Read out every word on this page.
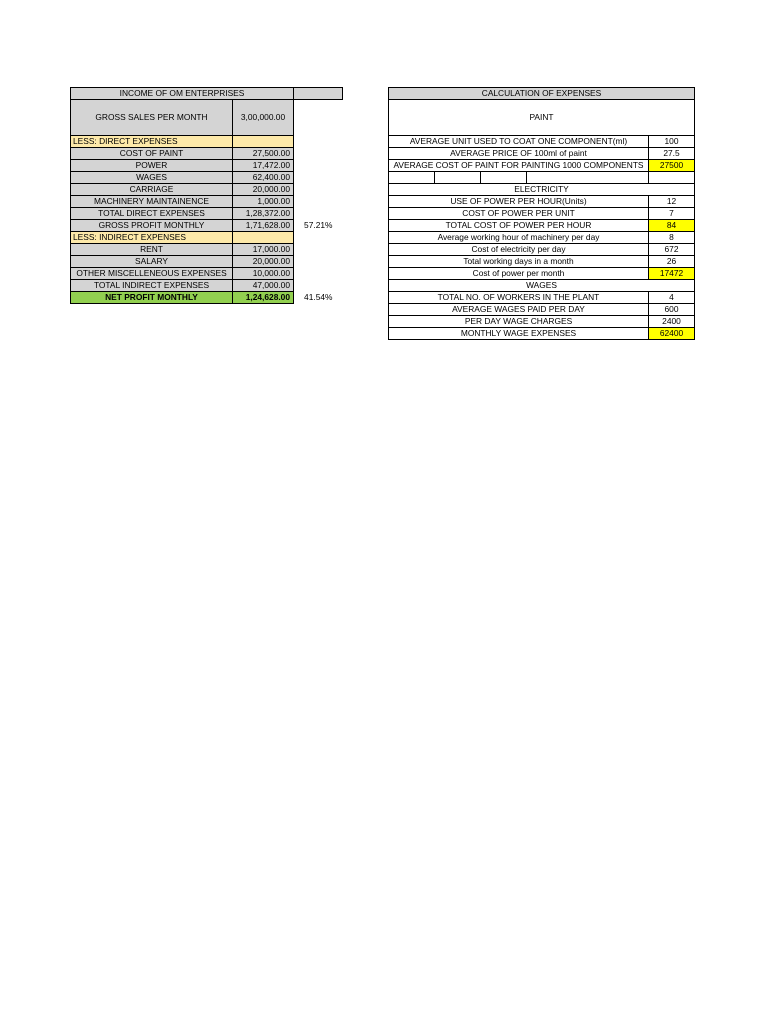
INCOME OF OM ENTERPRISES		
GROSS SALES PER MONTH	3,00,000.00	
LESS: DIRECT EXPENSES		
COST OF PAINT	27,500.00	
POWER	17,472.00	
WAGES	62,400.00	
CARRIAGE	20,000.00	
MACHINERY MAINTAINENCE	1,000.00	
TOTAL DIRECT EXPENSES	1,28,372.00	
GROSS PROFIT MONTHLY	1,71,628.00	57.21%
LESS: INDIRECT EXPENSES		
RENT	17,000.00	
SALARY	20,000.00	
OTHER MISCELLENEOUS EXPENSES	10,000.00	
TOTAL INDIRECT EXPENSES	47,000.00	
NET PROFIT MONTHLY	1,24,628.00	41.54%
CALCULATION OF EXPENSES				
PAINT				
AVERAGE UNIT USED TO COAT ONE COMPONENT(ml)				100
AVERAGE PRICE OF 100ml of paint				27.5
AVERAGE COST OF PAINT FOR PAINTING 1000 COMPONENTS				27500

ELECTRICITY				
USE OF POWER PER HOUR(Units)				12
COST OF POWER PER UNIT				7
TOTAL COST OF POWER PER HOUR				84
Average working hour of machinery per day				8
Cost of electricity per day				672
Total working days in a month				26
Cost of power per month				17472
WAGES				
TOTAL NO. OF WORKERS IN THE PLANT				4
AVERAGE WAGES PAID PER DAY				600
PER DAY WAGE CHARGES				2400
MONTHLY WAGE EXPENSES				62400
